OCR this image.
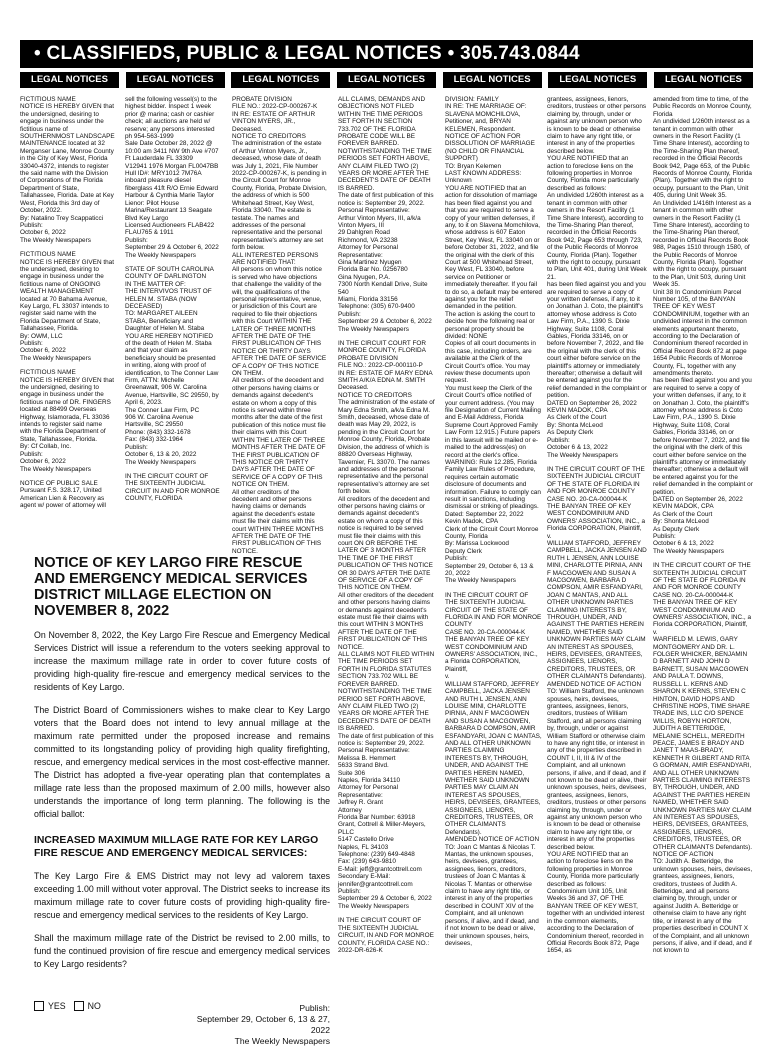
• CLASSIFIEDS, PUBLIC & LEGAL NOTICES • 305.743.0844
LEGAL NOTICES	LEGAL NOTICES	LEGAL NOTICES	LEGAL NOTICES	LEGAL NOTICES	LEGAL NOTICES	LEGAL NOTICES

FICTITIOUS NAME
NOTICE IS HEREBY GIVEN that the undersigned, desiring to engage in business under the fictitious name of SOUTHERNMOST LANDSCAPE MAINTENANCE located at 32 Merganser Lane, Monroe County in the City of Key West, Florida 33040-4372, intends to register the said name with the Division of Corporations of the Florida Department of State, Tallahassee, Florida. Date at Key West, Florida this 3rd day of October, 2022.
By: Natalino Trey Scappaticci
Publish:
October 6, 2022
The Weekly Newspapers

FICTITIOUS NAME
NOTICE IS HEREBY GIVEN that the undersigned, desiring to engage in business under the fictitious name of ONGOING WEALTH MANAGEMENT located at 70 Bahama Avenue, Key Largo, FL 33037 intends to register said name with the Florida Department of State, Tallahassee, Florida.
By: OWM, LLC
Publish:
October 6, 2022
The Weekly Newspapers

FICTITIOUS NAME
NOTICE IS HEREBY GIVEN that the undersigned, desiring to engage in business under the fictitious name of DR. FINGERS located at 88499 Overseas Highway, Islamorada, FL 33036 intends to register said name with the Florida Department of State, Tallahassee, Florida.
By: Cf Collab, Inc.
Publish:
October 6, 2022
The Weekly Newspapers

NOTICE OF PUBLIC SALE
Pursuant F.S. 328.17, United American Lien & Recovery as agent w/ power of attorney will

sell the following vessel(s) to the highest bidder. Inspect 1 week prior @ marina; cash or cashier check; all auctions are held w/ reserve; any persons interested ph 954-563-1999
Sale Date October 28, 2022 @ 10:00 am 3411 NW 9th Ave #707 Ft Lauderdale FL 33309
V12941 1976 Morgan FL0047BB Hull ID#: MRY1012 7M76A inboard pleasure diesel fiberglass 41ft R/O Ernie Edward Harbour & Cynthia Marie Taylor Lienor: Pilot House Marina/Restaurant 13 Seagate Blvd Key Largo
Licensed Auctioneers FLAB422 FLAU765 & 1911
Publish:
September 29 & October 6, 2022
The Weekly Newspapers

STATE OF SOUTH CAROLINA COUNTY OF DARLINGTON
IN THE MATTER OF:
THE INTERVIVOS TRUST OF HELEN M. STABA (NOW DECEASED)
TO: MARGARET AILEEN STABA, Beneficiary and Daughter of Helen M. Staba
YOU ARE HEREBY NOTIFIED of the death of Helen M. Staba and that your claim as beneficiary should be presented in writing, along with proof of identification, to The Conner Law Firm, ATTN: Michelle Greenawalt, 906 W. Carolina Avenue, Hartsville, SC 29550, by April 6, 2023.
The Conner Law Firm, PC
906 W. Carolina Avenue
Hartsville, SC 29550
Phone: (843) 332-1678
Fax: (843) 332-1964
Publish:
October 6, 13 & 20, 2022
The Weekly Newspapers

IN THE CIRCUIT COURT OF THE SIXTEENTH JUDICIAL CIRCUIT IN AND FOR MONROE COUNTY, FLORIDA

PROBATE DIVISION
FILE NO.: 2022-CP-000267-K
IN RE: ESTATE OF ARTHUR VINTON MYERS, JR., Deceased.
NOTICE TO CREDITORS
The administration of the estate of Arthur Vinton Myers, Jr., deceased, whose date of death was July 1, 2021, File Number 2022-CP-000267-K, is pending in the Circuit Court for Monroe County, Florida, Probate Division, the address of which is 500 Whitehead Street, Key West, Florida 33040. The estate is testate. The names and addresses of the personal representative and the personal representative's attorney are set forth below.
ALL INTERESTED PERSONS ARE NOTIFIED THAT:
All persons on whom this notice is served who have objections that challenge the validity of the will, the qualifications of the personal representative, venue, or jurisdiction of this Court are required to file their objections with this Court WITHIN THE LATER OF THREE MONTHS AFTER THE DATE OF THE FIRST PUBLICATION OF THIS NOTICE OR THIRTY DAYS AFTER THE DATE OF SERVICE OF A COPY OF THIS NOTICE ON THEM.
All creditors of the decedent and other persons having claims or demands against decedent's estate on whom a copy of this notice is served within three months after the date of the first publication of this notice must file their claims with this Court WITHIN THE LATER OF THREE MONTHS AFTER THE DATE OF THE FIRST PUBLICATION OF THIS NOTICE OR THIRTY DAYS AFTER THE DATE OF SERVICE OF A COPY OF THIS NOTICE ON THEM.
All other creditors of the decedent and other persons having claims or demands against the decedent's estate must file their claims with this court WITHIN THREE MONTHS AFTER THE DATE OF THE FIRST PUBLICATION OF THIS NOTICE.

ALL CLAIMS, DEMANDS AND OBJECTIONS NOT FILED WITHIN THE TIME PERIODS SET FORTH IN SECTION 733.702 OF THE FLORIDA PROBATE CODE WILL BE FOREVER BARRED.
NOTWITHSTANDING THE TIME PERIODS SET FORTH ABOVE, ANY CLAIM FILED TWO (2) YEARS OR MORE AFTER THE DECEDENT'S DATE OF DEATH IS BARRED.
The date of first publication of this notice is: September 29, 2022.
Personal Representative:
Arthur Vinton Myers, III, a/k/a Vinton Myers, III
29 Dahlgren Road
Richmond, VA 23238
Attorney for Personal Representative:
Gina Martinez Nyugen
Florida Bar No. 0256780
Gina Nyugen, P.A.
7300 North Kendall Drive, Suite 540
Miami, Florida 33156
Telephone: (305) 670-9400
Publish:
September 29 & October 6, 2022
The Weekly Newspapers

IN THE CIRCUIT COURT FOR MONROE COUNTY, FLORIDA
PROBATE DIVISION
FILE NO.: 2022-CP-000110-P
IN RE: ESTATE OF MARY EDNA SMITH A/K/A EDNA M. SMITH Deceased.
NOTICE TO CREDITORS
The administration of the estate of Mary Edna Smith, a/k/a Edna M. Smith, deceased, whose date of death was May 29, 2022, is pending in the Circuit Court for Monroe County, Florida, Probate Division, the address of which is 88820 Overseas Highway, Tavernier, FL 33070. The names and addresses of the personal representative and the personal representative's attorney are set forth below.
All creditors of the decedent and other persons having claims or demands against decedent's estate on whom a copy of this notice is required to be served must file their claims with this court ON OR BEFORE THE LATER OF 3 MONTHS AFTER THE TIME OF THE FIRST PUBLICATION OF THIS NOTICE OR 30 DAYS AFTER THE DATE OF SERVICE OF A COPY OF THIS NOTICE ON THEM.
All other creditors of the decedent and other persons having claims or demands against decedent's estate must file their claims with this court WITHIN 3 MONTHS AFTER THE DATE OF THE FIRST PUBLICATION OF THIS NOTICE.
ALL CLAIMS NOT FILED WITHIN THE TIME PERIODS SET FORTH IN FLORIDA STATUTES SECTION 733.702 WILL BE FOREVER BARRED.
NOTWITHSTANDING THE TIME PERIOD SET FORTH ABOVE, ANY CLAIM FILED TWO (2) YEARS OR MORE AFTER THE DECEDENT'S DATE OF DEATH IS BARRED.
The date of first publication of this notice is: September 29, 2022.
Personal Representative:
Melissa B. Hemmert
5633 Strand Blvd.
Suite 306
Naples, Florida 34110
Attorney for Personal Representative:
Jeffrey R. Grant
Attorney
Florida Bar Number: 63918
Grant, Cottrell & Miller-Meyers, PLLC
5147 Castello Drive
Naples, FL 34103
Telephone: (239) 649-4848
Fax: (239) 643-9810
E-Mail: jeff@grantcottrell.com
Secondary E-Mail: jennifer@grantcottrell.com
Publish:
September 29 & October 6, 2022
The Weekly Newspapers

IN THE CIRCUIT COURT OF THE SIXTEENTH JUDICIAL CIRCUIT, IN AND FOR MONROE COUNTY, FLORIDA CASE NO.: 2022-DR-626-K

DIVISION: FAMILY
IN RE: THE MARRIAGE OF: SLAVENA MOMCHILOVA, Petitioner, and, BRYAN KELEMEN, Respondent.
NOTICE OF ACTION FOR DISSOLUTION OF MARRIAGE (NO CHILD OR FINANCIAL SUPPORT)
TO: Bryan Kelemen
LAST KNOWN ADDRESS: Unknown
YOU ARE NOTIFIED that an action for dissolution of marriage has been filed against you and that you are required to serve a copy of your written defenses, if any, to it on Slavena Momchilova, whose address is 607 Eaton Street, Key West, FL 33040 on or before October 31, 2022, and file the original with the clerk of this Court at 500 Whitehead Street, Key West, FL 33040, before service on Petitioner or immediately thereafter. If you fail to do so, a default may be entered against you for the relief demanded in the petition.
The action is asking the court to decide how the following real or personal property should be divided: NONE
Copies of all court documents in this case, including orders, are available at the Clerk of the Circuit Court's office. You may review these documents upon request.
You must keep the Clerk of the Circuit Court's office notified of your current address. (You may file Designation of Current Mailing and E-Mail Address, Florida Supreme Court Approved Family Law Form 12.915.) Future papers in this lawsuit will be mailed or e-mailed to the address(es) on record at the clerk's office.
WARNING: Rule 12.285, Florida Family Law Rules of Procedure, requires certain automatic disclosure of documents and information. Failure to comply can result in sanctions, including dismissal or striking of pleadings.
Dated: September 22, 2022
Kevin Madok, CPA
Clerk of the Circuit Court Monroe County, Florida
By: Marissa Lockwood
Deputy Clerk
Publish:
September 29, October 6, 13 & 20, 2022
The Weekly Newspapers

IN THE CIRCUIT COURT OF THE SIXTEENTH JUDICIAL CIRCUIT OF THE STATE OF FLORIDA IN AND FOR MONROE COUNTY
CASE NO. 20-CA-000044-K
THE BANYAN TREE OF KEY WEST CONDOMINIUM AND OWNERS' ASSOCIATION, INC., a Florida CORPORATION, Plaintiff,
v.
WILLIAM STAFFORD, JEFFREY CAMPBELL, JACKA JENSEN AND RUTH L JENSEN, ANN LOUISE MINI, CHARLOTTE PIRNIA, ANN F MACGOWEN AND SUSAN A MACGOWEN, BARBARA D COMPSON, AMIR ESFANDYARI, JOAN C MANTAS, AND ALL OTHER UNKNOWN PARTIES CLAIMING INTERESTS BY, THROUGH, UNDER, AND AGAINST THE PARTIES HEREIN NAMED, WHETHER SAID UNKNOWN PARTIES MAY CLAIM AN INTEREST AS SPOUSES, HEIRS, DEVISEES, GRANTEES, ASSIGNEES, LIENORS, CREDITORS, TRUSTEES, OR OTHER CLAIMANTS Defendants).
AMENDED NOTICE OF ACTION
TO: Joan C Mantas & Nicolas T. Mantas, the unknown spouses, heirs, devisees, grantees, assignees, lienors, creditors, trustees of Joan C Mantas & Nicolas T. Mantas or otherwise claim to have any right title, or interest in any of the properties described in COUNT XIV of the Complaint, and all unknown persons, if alive, and if dead, and if not known to be dead or alive, their unknown spouses, heirs, devisees,

grantees, assignees, lienors, creditors, trustees or other persons claiming by, through, under or against any unknown person who is known to be dead or otherwise claim to have any right title, or interest in any of the properties described below.
YOU ARE NOTIFIED that an action to foreclose liens on the following properties in Monroe County, Florida more particularly described as follows:
An undivided 1/260th interest as a tenant in common with other owners in the Resort Facility (1 Time Share Interest), according to the Time-Sharing Plan thereof, recorded in the Official Records Book 942, Page 653 through 723, of the Public Records of Monroe County, Florida (Plan). Together with the right to occupy, pursuant to Plan, Unit 401, during Unit Week 21.
has been filed against you and you are required to serve a copy of your written defenses, if any, to it on Jonathan J. Coto, the plaintiff's attorney whose address is Coto Law Firm, P.A., 1390 S. Dixie Highway, Suite 1108, Coral Gables, Florida 33146, on or before November 7, 2022, and file the original with the clerk of this court either before service on the plaintiff's attorney or immediately thereafter; otherwise a default will be entered against you for the relief demanded in the complaint or petition.
DATED on September 26, 2022
KEVIN MADOK, CPA
As Clerk of the Court
By: Shonta McLeod
As Deputy Clerk
Publish:
October 6 & 13, 2022
The Weekly Newspapers

IN THE CIRCUIT COURT OF THE SIXTEENTH JUDICIAL CIRCUIT OF THE STATE OF FLORIDA IN AND FOR MONROE COUNTY
CASE NO. 20-CA-000044-K
THE BANYAN TREE OF KEY WEST CONDOMINIUM AND OWNERS' ASSOCIATION, INC., a Florida CORPORATION, Plaintiff,
v.
WILLIAM STAFFORD, JEFFREY CAMPBELL, JACKA JENSEN AND RUTH L JENSEN, ANN LOUISE MINI, CHARLOTTE PIRNIA, ANN F MACGOWEN AND SUSAN A MACGOWEN, BARBARA D COMPSON, AMIR ESFANDYARI, JOAN C MANTAS, AND ALL OTHER UNKNOWN PARTIES CLAIMING INTERESTS BY, THROUGH, UNDER, AND AGAINST THE PARTIES HEREIN NAMED, WHETHER SAID UNKNOWN PARTIES MAY CLAIM AN INTEREST AS SPOUSES, HEIRS, DEVISEES, GRANTEES, ASSIGNEES, LIENORS, CREDITORS, TRUSTEES, OR OTHER CLAIMANTS Defendants).
AMENDED NOTICE OF ACTION
TO: William Stafford, the unknown spouses, heirs, devisees, grantees, assignees, lienors, creditors, trustees of William Stafford, and all persons claiming by, through, under or against William Stafford or otherwise claim to have any right title, or interest in any of the properties described in COUNT I, II, III & IV of the Complaint, and all unknown persons, if alive, and if dead, and if not known to be dead or alive, their unknown spouses, heirs, devisees, grantees, assignees, lienors, creditors, trustees or other persons claiming by, through, under or against any unknown person who is known to be dead or otherwise claim to have any right title, or interest in any of the properties described below.
YOU ARE NOTIFIED that an action to foreclose liens on the following properties in Monroe County, Florida more particularly described as follows:
Condominium Unit 105, Unit Weeks 36 and 37, OF THE BANYAN TREE OF KEY WEST, together with an undivided interest in the common elements, according to the Declaration of Condominium thereof, recorded in Official Records Book 872, Page 1654, as

amended from time to time, of the Public Records on Monroe County, Florida
An undivided 1/260th interest as a tenant in common with other owners in the Resort Facility (1 Time Share Interest), according to the Time-Sharing Plan thereof, recorded in the Official Records Book 942, Page 653, of the Public Records of Monroe County, Florida (Plan). Together with the right to occupy, pursuant to the Plan, Unit 405, during Unit Week 35.
An Undivided 1/416th Interest as a tenant in common with other owners in the Resort Facility (1 Time Share Interest), according to the Time-Sharing Plan thereof, recorded in Official Records Book 988, Pages 1510 through 1580, of the Public Records of Monroe County, Florida (Plan). Together with the right to occupy, pursuant to the Plan, Unit 503, during Unit Week 35.
Unit 38 In Condominium Parcel Number 105, of the BANYAN TREE OF KEY WEST CONDOMINIUM, together with an undivided interest in the common elements appurtenant thereto, according to the Declaration of Condominium thereof recorded in Official Record Book 872 at page 1654 Public Records of Monroe County, FL, together with any amendments thereto.
has been filed against you and you are required to serve a copy of your written defenses, if any, to it on Jonathan J. Coto, the plaintiff's attorney whose address is Coto Law Firm, P.A., 1390 S. Dixie Highway, Suite 1108, Coral Gables, Florida 33146, on or before November 7, 2022, and file the original with the clerk of this court either before service on the plaintiff's attorney or immediately thereafter; otherwise a default will be entered against you for the relief demanded in the complaint or petition.
DATED on September 26, 2022
KEVIN MADOK, CPA
As Clerk of the Court
By: Shonta McLeod
As Deputy Clerk
Publish:
October 6 & 13, 2022
The Weekly Newspapers

IN THE CIRCUIT COURT OF THE SIXTEENTH JUDICIAL CIRCUIT OF THE STATE OF FLORIDA IN AND FOR MONROE COUNTY
CASE NO. 20-CA-000044-K
THE BANYAN TREE OF KEY WEST CONDOMINIUM AND OWNERS' ASSOCIATION, INC., a Florida CORPORATION, Plaintiff,
v.
WARFIELD M. LEWIS, GARY MONTGOMERY AND DR. L. FOLGER WHICKER, BENJAMIN D BARNETT AND JOHN D BARNETT, SUSAN MACGOWEN AND PAULA T. DOWNS, RUSSELL L. KERNS AND SHARON K KERNS, STEVEN C HINTON, DAVID HOPS AND CHRISTINE HOPS, TIME SHARE TRADE INS, LLC C/O SPENCE WILLIS, ROBYN HORTON, JUDITH A BETTERIDGE, MELANIE SCHELL, MEREDITH PEACE, JAMES E BRADY AND JANET T MAAS-BRADY, KENNETH R GILBERT AND RITA G GORMAN, AMIR ESFANDYARI, AND ALL OTHER UNKNOWN PARTIES CLAIMING INTERESTS BY, THROUGH, UNDER, AND AGAINST THE PARTIES HEREIN NAMED, WHETHER SAID UNKNOWN PARTIES MAY CLAIM AN INTEREST AS SPOUSES, HEIRS, DEVISEES, GRANTEES, ASSIGNEES, LIENORS, CREDITORS, TRUSTEES, OR OTHER CLAIMANTS Defendants).
NOTICE OF ACTION
TO: Judith A. Betteridge, the unknown spouses, heirs, devisees, grantees, assignees, lienors, creditors, trustees of Judith A. Betteridge, and all persons claiming by, through, under or against Judith A. Betteridge or otherwise claim to have any right title, or interest in any of the properties described in COUNT X of the Complaint, and all unknown persons, if alive, and if dead, and if not known to

NOTICE OF KEY LARGO FIRE RESCUE AND EMERGENCY MEDICAL SERVICES DISTRICT MILLAGE ELECTION ON NOVEMBER 8, 2022

On November 8, 2022, the Key Largo Fire Rescue and Emergency Medical Services District will issue a referendum to the voters seeking approval to increase the maximum millage rate in order to cover future costs of providing high-quality fire-rescue and emergency medical services to the residents of Key Largo.

The District Board of Commissioners wishes to make clear to Key Largo voters that the Board does not intend to levy annual millage at the maximum rate permitted under the proposed increase and remains committed to its longstanding policy of providing high quality firefighting, rescue, and emergency medical services in the most cost-effective manner. The District has adopted a five-year operating plan that contemplates a millage rate less than the proposed maximum of 2.00 mills, however also understands the importance of long term planning. The following is the official ballot:

INCREASED MAXIMUM MILLAGE RATE FOR KEY LARGO FIRE RESCUE AND EMERGENCY MEDICAL SERVICES:

The Key Largo Fire & EMS District may not levy ad valorem taxes exceeding 1.00 mill without voter approval. The District seeks to increase its maximum millage rate to cover future costs of providing high-quality fire-rescue and emergency medical services to the residents of Key Largo.

Shall the maximum millage rate of the District be revised to 2.00 mills, to fund the continued provision of fire rescue and emergency medical services to Key Largo residents?

YES	NO	Publish:
September 29, October 6, 13 & 27, 2022
The Weekly Newspapers
